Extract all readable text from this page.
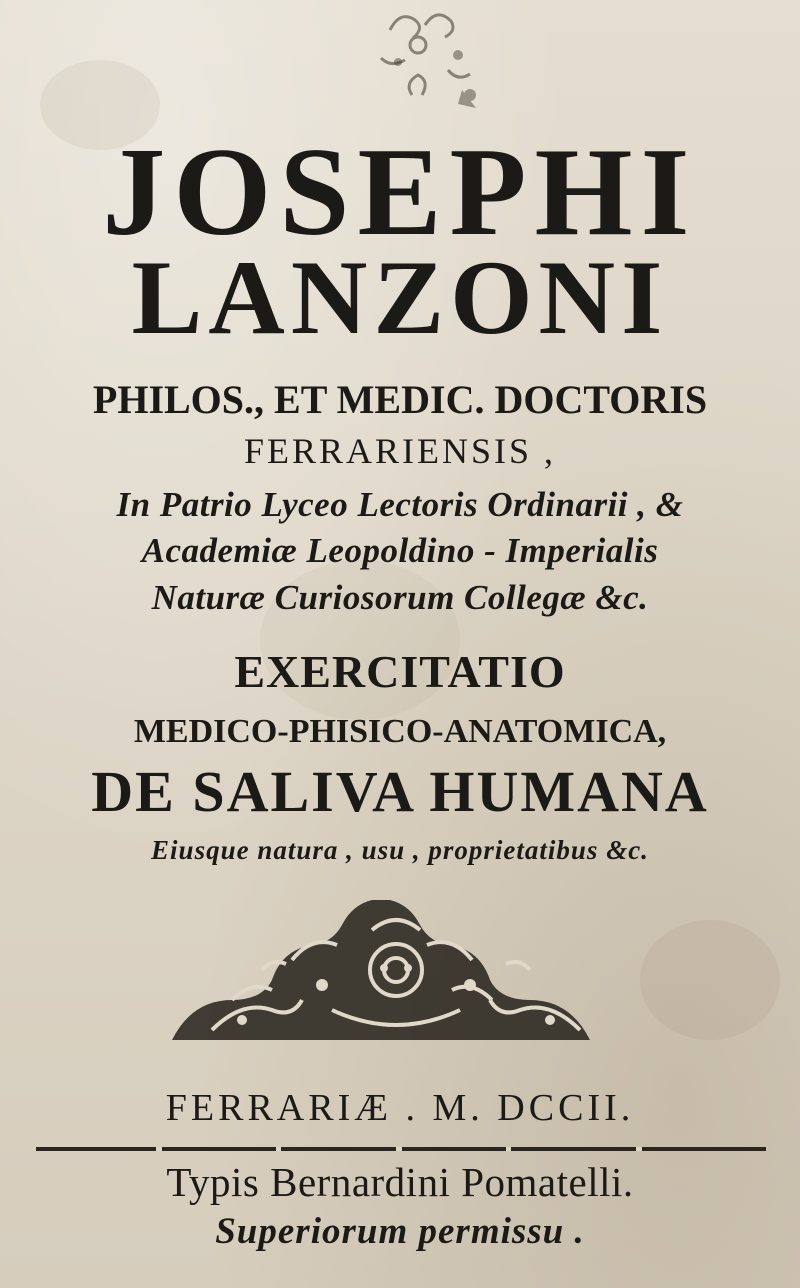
JOSEPHI
LANZONI
PHILOS., ET MEDIC. DOCTORIS
FERRARIENSIS ,
In Patrio Lyceo Lectoris Ordinarii , &
Academiæ Leopoldino - Imperialis
Naturæ Curiosorum Collegæ &c.
EXERCITATIO
MEDICO-PHISICO-ANATOMICA,
DE SALIVA HUMANA
Eiusque natura , usu , proprietatibus &c.
FERRARIÆ . M. DCCII.
Typis Bernardini Pomatelli.
Superiorum permissu .
